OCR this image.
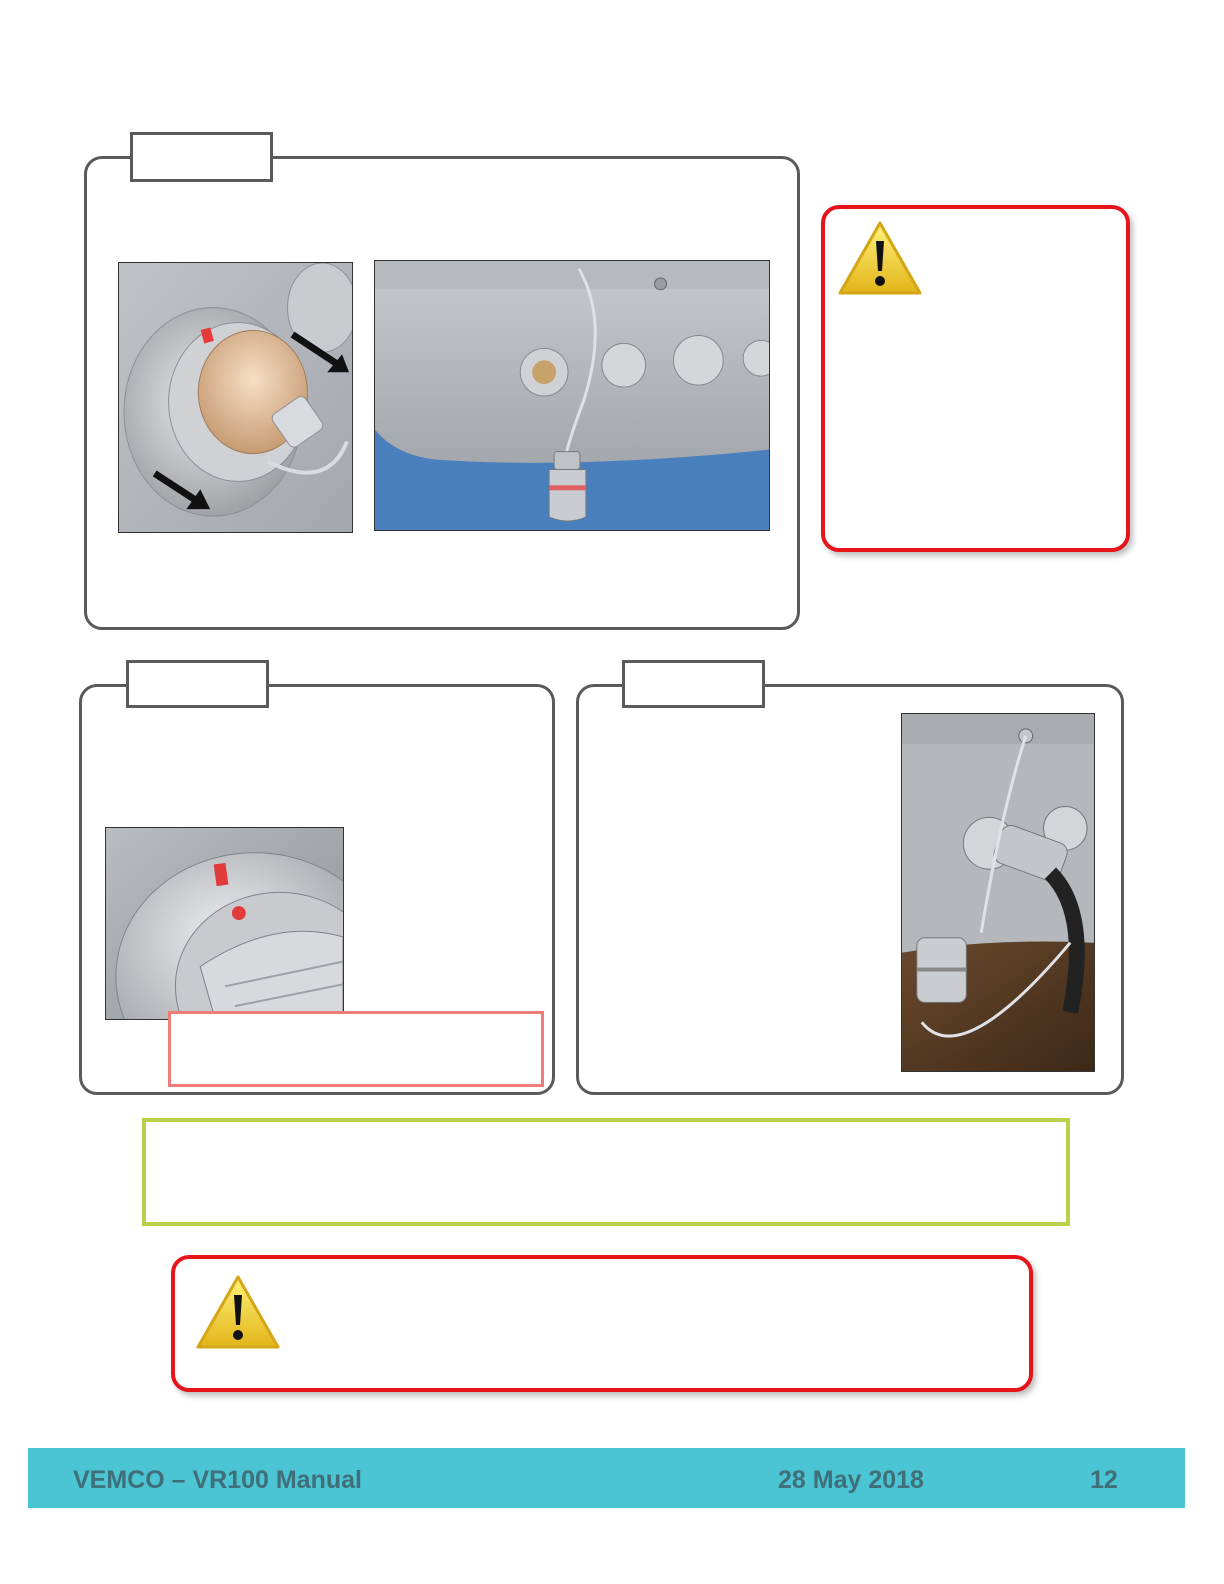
VEMCO – VR100 Manual	28 May 2018	12
